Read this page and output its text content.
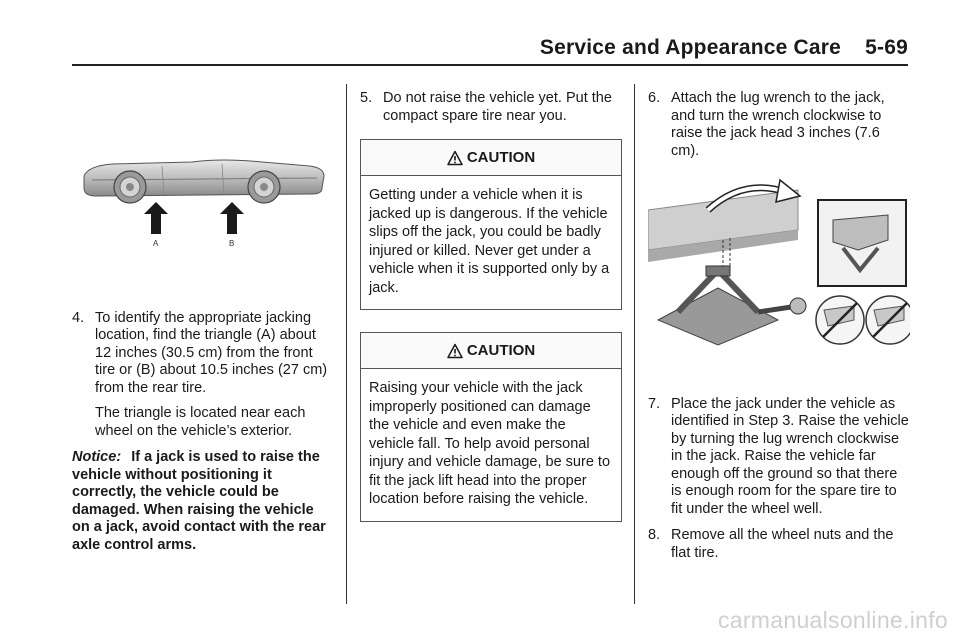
Service and Appearance Care    5-69
A	B
4. To identify the appropriate jacking location, find the triangle (A) about 12 inches (30.5 cm) from the front tire or (B) about 10.5 inches (27 cm) from the rear tire.

The triangle is located near each wheel on the vehicle’s exterior.

Notice: If a jack is used to raise the vehicle without positioning it correctly, the vehicle could be damaged. When raising the vehicle on a jack, avoid contact with the rear axle control arms.

5. Do not raise the vehicle yet. Put the compact spare tire near you.
CAUTION
Getting under a vehicle when it is jacked up is dangerous. If the vehicle slips off the jack, you could be badly injured or killed. Never get under a vehicle when it is supported only by a jack.
CAUTION
Raising your vehicle with the jack improperly positioned can damage the vehicle and even make the vehicle fall. To help avoid personal injury and vehicle damage, be sure to fit the jack lift head into the proper location before raising the vehicle.
6. Attach the lug wrench to the jack, and turn the wrench clockwise to raise the jack head 3 inches (7.6 cm).
7. Place the jack under the vehicle as identified in Step 3. Raise the vehicle by turning the lug wrench clockwise in the jack. Raise the vehicle far enough off the ground so that there is enough room for the spare tire to fit under the wheel well.
8. Remove all the wheel nuts and the flat tire.
carmanualsonline.info
